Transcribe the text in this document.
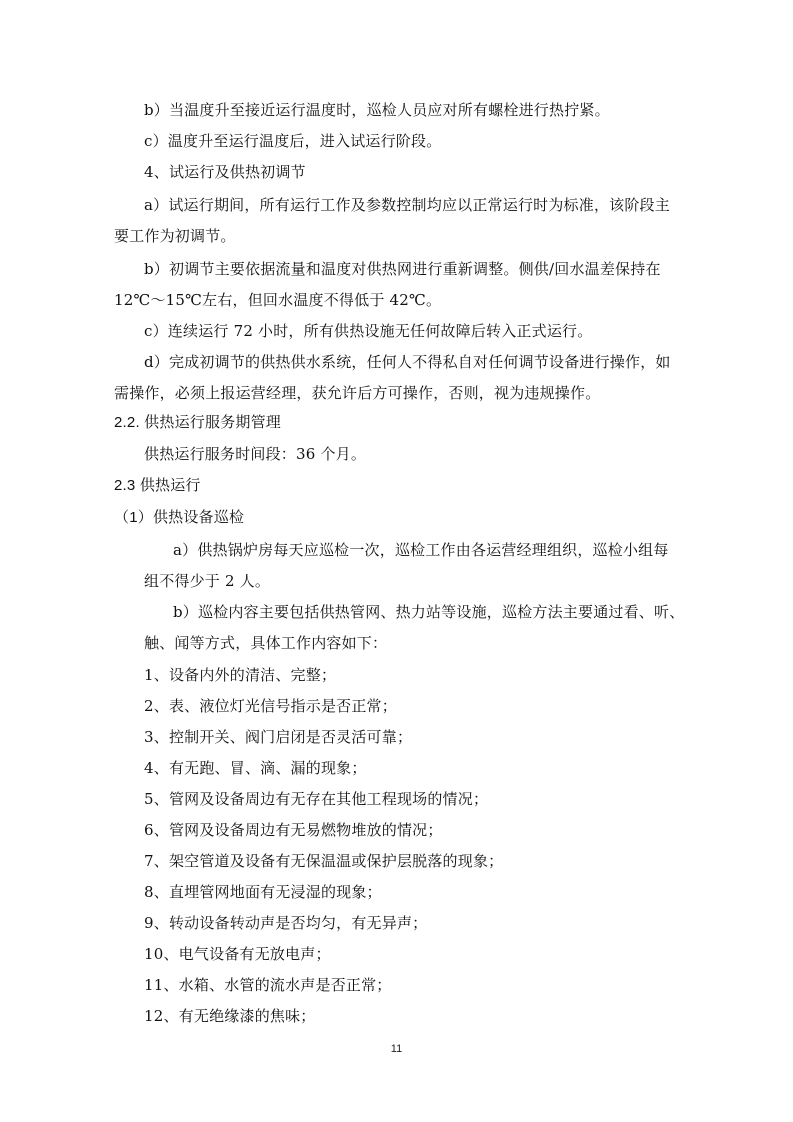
b）当温度升至接近运行温度时，巡检人员应对所有螺栓进行热拧紧。
c）温度升至运行温度后，进入试运行阶段。
4、试运行及供热初调节
a）试运行期间，所有运行工作及参数控制均应以正常运行时为标准，该阶段主
要工作为初调节。
b）初调节主要依据流量和温度对供热网进行重新调整。侧供/回水温差保持在
12℃～15℃左右，但回水温度不得低于 42℃。
c）连续运行 72 小时，所有供热设施无任何故障后转入正式运行。
d）完成初调节的供热供水系统，任何人不得私自对任何调节设备进行操作，如
需操作，必须上报运营经理，获允许后方可操作，否则，视为违规操作。
2.2. 供热运行服务期管理
供热运行服务时间段：36 个月。
2.3 供热运行
（1）供热设备巡检
a）供热锅炉房每天应巡检一次，巡检工作由各运营经理组织，巡检小组每
组不得少于 2 人。
b）巡检内容主要包括供热管网、热力站等设施，巡检方法主要通过看、听、
触、闻等方式，具体工作内容如下：
1、设备内外的清洁、完整；
2、表、液位灯光信号指示是否正常；
3、控制开关、阀门启闭是否灵活可靠；
4、有无跑、冒、滴、漏的现象；
5、管网及设备周边有无存在其他工程现场的情况；
6、管网及设备周边有无易燃物堆放的情况；
7、架空管道及设备有无保温温或保护层脱落的现象；
8、直埋管网地面有无浸湿的现象；
9、转动设备转动声是否均匀，有无异声；
10、电气设备有无放电声；
11、水箱、水管的流水声是否正常；
12、有无绝缘漆的焦味；
11
